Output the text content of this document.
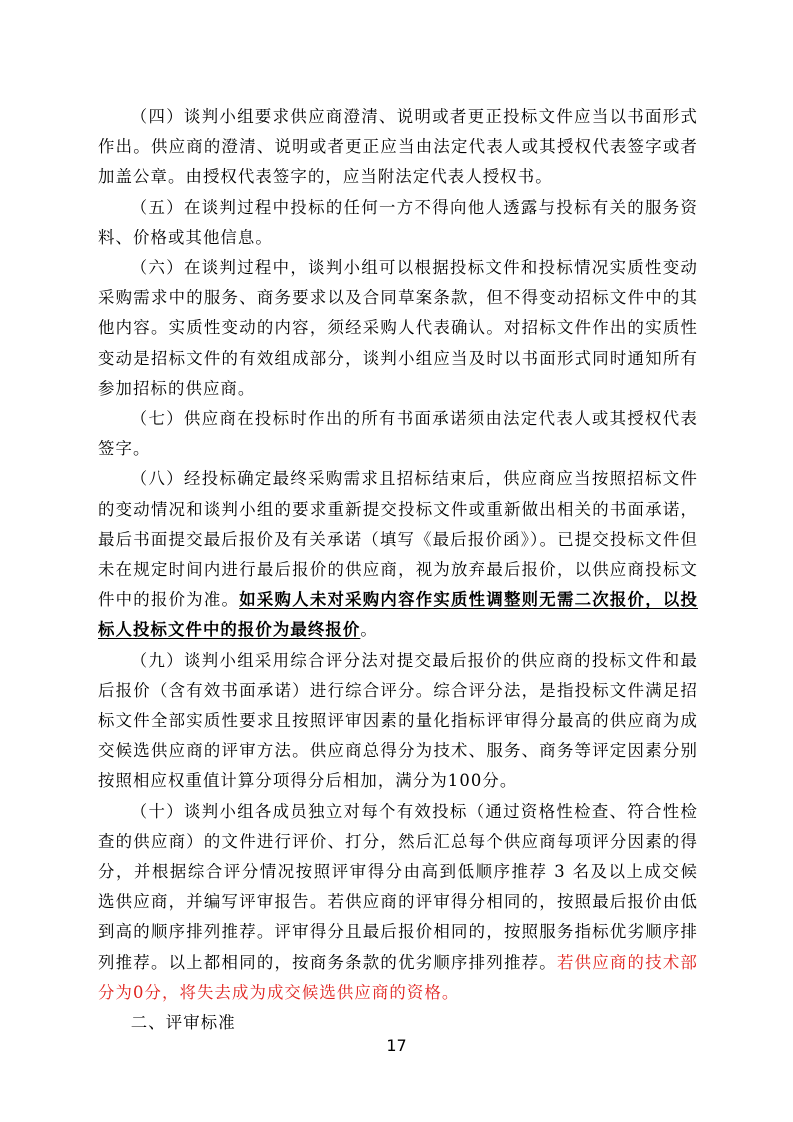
（四）谈判小组要求供应商澄清、说明或者更正投标文件应当以书面形式作出。供应商的澄清、说明或者更正应当由法定代表人或其授权代表签字或者加盖公章。由授权代表签字的，应当附法定代表人授权书。

（五）在谈判过程中投标的任何一方不得向他人透露与投标有关的服务资料、价格或其他信息。

（六）在谈判过程中，谈判小组可以根据投标文件和投标情况实质性变动采购需求中的服务、商务要求以及合同草案条款，但不得变动招标文件中的其他内容。实质性变动的内容，须经采购人代表确认。对招标文件作出的实质性变动是招标文件的有效组成部分，谈判小组应当及时以书面形式同时通知所有参加招标的供应商。

（七）供应商在投标时作出的所有书面承诺须由法定代表人或其授权代表签字。

（八）经投标确定最终采购需求且招标结束后，供应商应当按照招标文件的变动情况和谈判小组的要求重新提交投标文件或重新做出相关的书面承诺，最后书面提交最后报价及有关承诺（填写《最后报价函》）。已提交投标文件但未在规定时间内进行最后报价的供应商，视为放弃最后报价，以供应商投标文件中的报价为准。如采购人未对采购内容作实质性调整则无需二次报价，以投标人投标文件中的报价为最终报价。

（九）谈判小组采用综合评分法对提交最后报价的供应商的投标文件和最后报价（含有效书面承诺）进行综合评分。综合评分法，是指投标文件满足招标文件全部实质性要求且按照评审因素的量化指标评审得分最高的供应商为成交候选供应商的评审方法。供应商总得分为技术、服务、商务等评定因素分别按照相应权重值计算分项得分后相加，满分为100分。

（十）谈判小组各成员独立对每个有效投标（通过资格性检查、符合性检查的供应商）的文件进行评价、打分，然后汇总每个供应商每项评分因素的得分，并根据综合评分情况按照评审得分由高到低顺序推荐 3 名及以上成交候选供应商，并编写评审报告。若供应商的评审得分相同的，按照最后报价由低到高的顺序排列推荐。评审得分且最后报价相同的，按照服务指标优劣顺序排列推荐。以上都相同的，按商务条款的优劣顺序排列推荐。若供应商的技术部分为0分，将失去成为成交候选供应商的资格。

二、评审标准

17
